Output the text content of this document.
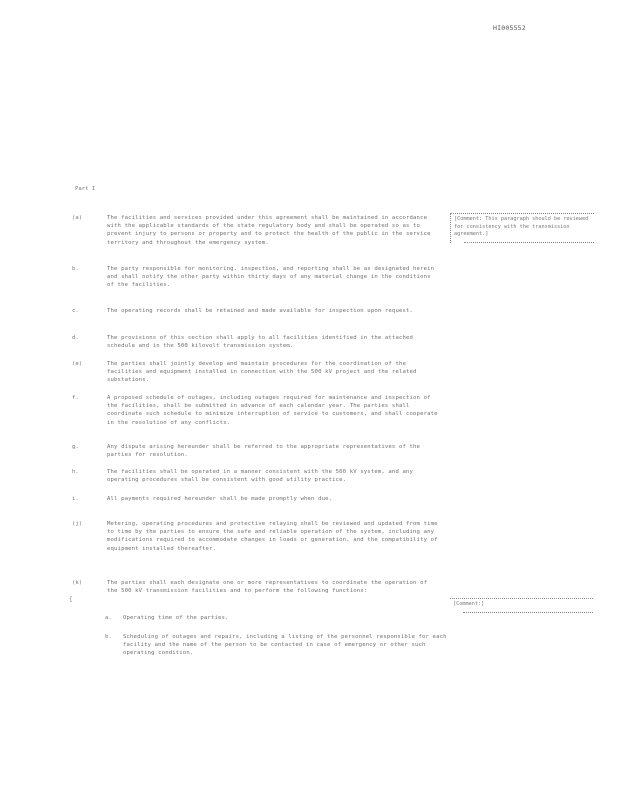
HI005552
Part I
(a)	The facilities and services provided under this agreement shall be maintained in accordance with the applicable standards of the state regulatory body and shall be operated so as to prevent injury to persons or property and to protect the health of the public in the service territory and throughout the emergency system.
b.	The party responsible for monitoring, inspection, and reporting shall be as designated herein and shall notify the other party within thirty days of any material change in the conditions of the facilities.
c.	The operating records shall be retained and made available for inspection upon request.
d.	The provisions of this section shall apply to all facilities identified in the attached schedule and in the 500 kilovolt transmission system.
(e)	The parties shall jointly develop and maintain procedures for the coordination of the facilities and equipment installed in connection with the 500 kV project and the related substations.
f.	A proposed schedule of outages, including outages required for maintenance and inspection of the facilities, shall be submitted in advance of each calendar year. The parties shall coordinate such schedule to minimize interruption of service to customers, and shall cooperate in the resolution of any conflicts.
g.	Any dispute arising hereunder shall be referred to the appropriate representatives of the parties for resolution.
h.	The facilities shall be operated in a manner consistent with the 500 kV system, and any operating procedures shall be consistent with good utility practice.
i.	All payments required hereunder shall be made promptly when due.
(j)	Metering, operating procedures and protective relaying shall be reviewed and updated from time to time by the parties to ensure the safe and reliable operation of the system, including any modifications required to accommodate changes in loads or generation, and the compatibility of equipment installed thereafter.
(k)	The parties shall each designate one or more representatives to coordinate the operation of the 500 kV transmission facilities and to perform the following functions:
{
a.	Operating time of the parties.
b.	Scheduling of outages and repairs, including a listing of the personnel responsible for each facility and the name of the person to be contacted in case of emergency or other such operating condition.
[Comment: This paragraph should be reviewed for consistency with the transmission agreement.]
[Comment:]
